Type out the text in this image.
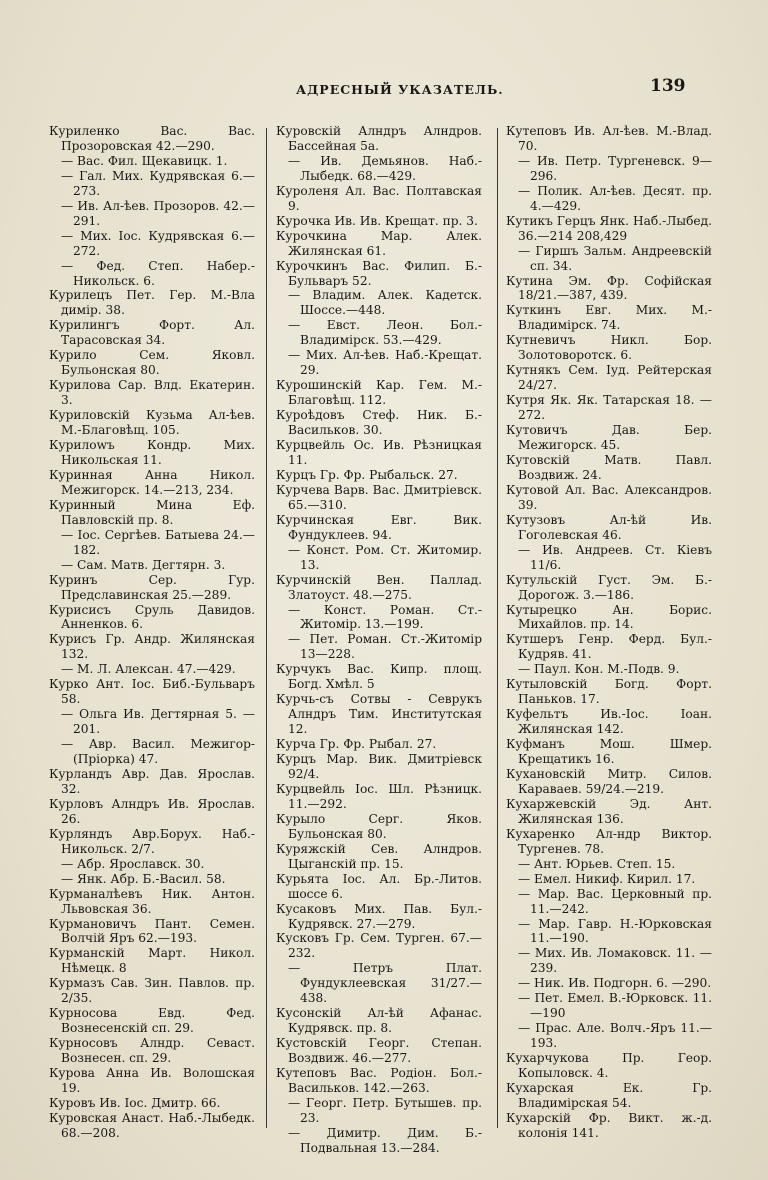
АДРЕСНЫЙ УКАЗАТЕЛЬ.	139
Куриленко Вас. Вас. Прозоровская 42.—290.
— Вас. Фил. Щекавицк. 1.
— Гал. Мих. Кудрявская 6.—273.
— Ив. Ал-ѣев. Прозоров. 42.—291.
— Мих. Іос. Кудрявская 6.—272.
— Фед. Степ. Набер.-Никольск. 6.
Курилецъ Пет. Гер. М.-Вла димір. 38.
Курилингъ Форт. Ал. Тарасовская 34.
Курило Сем. Яковл. Бульонская 80.
Курилова Сар. Влд. Екатерин. 3.
Куриловскій Кузьма Ал-ѣев. М.-Благовѣщ. 105.
Курилowъ Кондр. Мих. Никольская 11.
Куринная Анна Никол. Межигорск. 14.—213, 234.
Куринный Мина Еф. Павловскій пр. 8.
— Іос. Сергѣев. Батыева 24.—182.
— Сам. Матв. Дегтярн. 3.
Куринъ Сер. Гур. Предславинская 25.—289.
Курисисъ Сруль Давидов. Анненков. 6.
Курисъ Гр. Андр. Жилянская 132.
— М. Л. Алексан. 47.—429.
Курко Ант. Іос. Биб.-Бульваръ 58.
— Ольга Ив. Дегтярная 5. —201.
— Авр. Васил. Межигор- (Пріорка) 47.
Курландъ Авр. Дав. Ярослав. 32.
Курловъ Алндръ Ив. Ярослав. 26.
Курляндъ Авр.Борух. Наб.-Никольск. 2/7.
— Абр. Ярославск. 30.
— Янк. Абр. Б.-Васил. 58.
Курманалѣевъ Ник. Антон. Львовская 36.
Курмановичъ Пант. Семен. Волчій Яръ 62.—193.
Курманскій Март. Никол. Нѣмецк. 8
Курмазъ Сав. Зин. Павлов. пр. 2/35.
Курносова Евд. Фед. Вознесенскій сп. 29.
Курносовъ Алндр. Севаст. Вознесен. сп. 29.
Курова Анна Ив. Волошская 19.
Куровъ Ив. Іос. Дмитр. 66.
Куровская Анаст. Наб.-Лыбедк. 68.—208.
Куровскій Алндръ Алндров. Бассейная 5а.
— Ив. Демьянов. Наб.-Лыбедк. 68.—429.
Куроленя Ал. Вас. Полтавская 9.
Курочка Ив. Ив. Крещат. пр. 3.
Курочкина Мар. Алек. Жилянская 61.
Курочкинъ Вас. Филип. Б.-Бульваръ 52.
— Владим. Алек. Кадетск. Шоссе.—448.
— Евст. Леон. Бол.-Владимірск. 53.—429.
— Мих. Ал-ѣев. Наб.-Крещат. 29.
Курошинскій Кар. Гем. М.-Благовѣщ. 112.
Куроѣдовъ Стеф. Ник. Б.-Васильков. 30.
Курцвейль Ос. Ив. Рѣзницкая 11.
Курцъ Гр. Фр. Рыбальск. 27.
Курчева Варв. Вас. Дмитріевск. 65.—310.
Курчинская Евг. Вик. Фундуклеев. 94.
— Конст. Ром. Ст. Житомир. 13.
Курчинскій Вен. Паллад. Златоуст. 48.—275.
— Конст. Роман. Ст.-Житомір. 13.—199.
— Пет. Роман. Ст.-Житомір 13—228.
Курчукъ Вас. Кипр. площ. Богд. Хмѣл. 5
Курчь-съ Сотвы - Севрукъ Алндръ Тим. Институтская 12.
Курча Гр. Фр. Рыбал. 27.
Курцъ Мар. Вик. Дмитріевск 92/4.
Курцвейль Іос. Шл. Рѣзницк. 11.—292.
Курыло Серг. Яков. Бульонская 80.
Куряжскій Сев. Алндров. Цыганскій пр. 15.
Курьята Іос. Ал. Бр.-Литов. шоссе 6.
Кусаковъ Мих. Пав. Бул.-Кудрявск. 27.—279.
Кусковъ Гр. Сем. Турген. 67.—232.
— Петръ Плат. Фундуклеевская 31/27.—438.
Кусонскій Ал-ѣй Афанас. Кудрявск. пр. 8.
Кустовскій Георг. Степан. Воздвиж. 46.—277.
Кутеповъ Вас. Родіон. Бол.-Васильков. 142.—263.
— Георг. Петр. Бутышев. пр. 23.
— Димитр. Дим. Б.-Подвальная 13.—284.
Кутеповъ Ив. Ал-ѣев. М.-Влад. 70.
— Ив. Петр. Тургеневск. 9—296.
— Полик. Ал-ѣев. Десят. пр. 4.—429.
Кутикъ Герцъ Янк. Наб.-Лыбед. 36.—214 208,429
— Гиршъ Зальм. Андреевскій сп. 34.
Кутина Эм. Фр. Софійская 18/21.—387, 439.
Куткинъ Евг. Мих. М.-Владимірск. 74.
Кутневичъ Никл. Бор. Золотоворотск. 6.
Кутнякъ Сем. Іуд. Рейтерская 24/27.
Кутря Як. Як. Татарская 18. —272.
Кутовичъ Дав. Бер. Межигорск. 45.
Кутовскій Матв. Павл. Воздвиж. 24.
Кутовой Ал. Вас. Александров. 39.
Кутузовъ Ал-ѣй Ив. Гоголевская 46.
— Ив. Андреев. Ст. Кіевъ 11/6.
Кутульскій Густ. Эм. Б.-Дорогож. 3.—186.
Кутырецко Ан. Борис. Михайлов. пр. 14.
Кутшеръ Генр. Ферд. Бул.-Кудряв. 41.
— Паул. Кон. М.-Подв. 9.
Кутыловскій Богд. Форт. Паньков. 17.
Куфельтъ Ив.-Іос. Іоан. Жилянская 142.
Куфманъ Мош. Шмер. Крещатикъ 16.
Кухановскій Митр. Силов. Караваев. 59/24.—219.
Кухаржевскій Эд. Ант. Жилянская 136.
Кухаренко Ал-ндр Виктор. Тургенев. 78.
— Ант. Юрьев. Степ. 15.
— Емел. Никиф. Кирил. 17.
— Мар. Вас. Церковный пр. 11.—242.
— Мар. Гавр. Н.-Юрковская 11.—190.
— Мих. Ив. Ломаковск. 11. —239.
— Ник. Ив. Подгорн. 6. —290.
— Пет. Емел. В.-Юрковск. 11.—190
— Прас. Алe. Волч.-Яръ 11.—193.
Кухарчукова Пр. Геор. Копыловск. 4.
Кухарская Ек. Гр. Владимірская 54.
Кухарскій Фр. Викт. ж.-д. колонія 141.
